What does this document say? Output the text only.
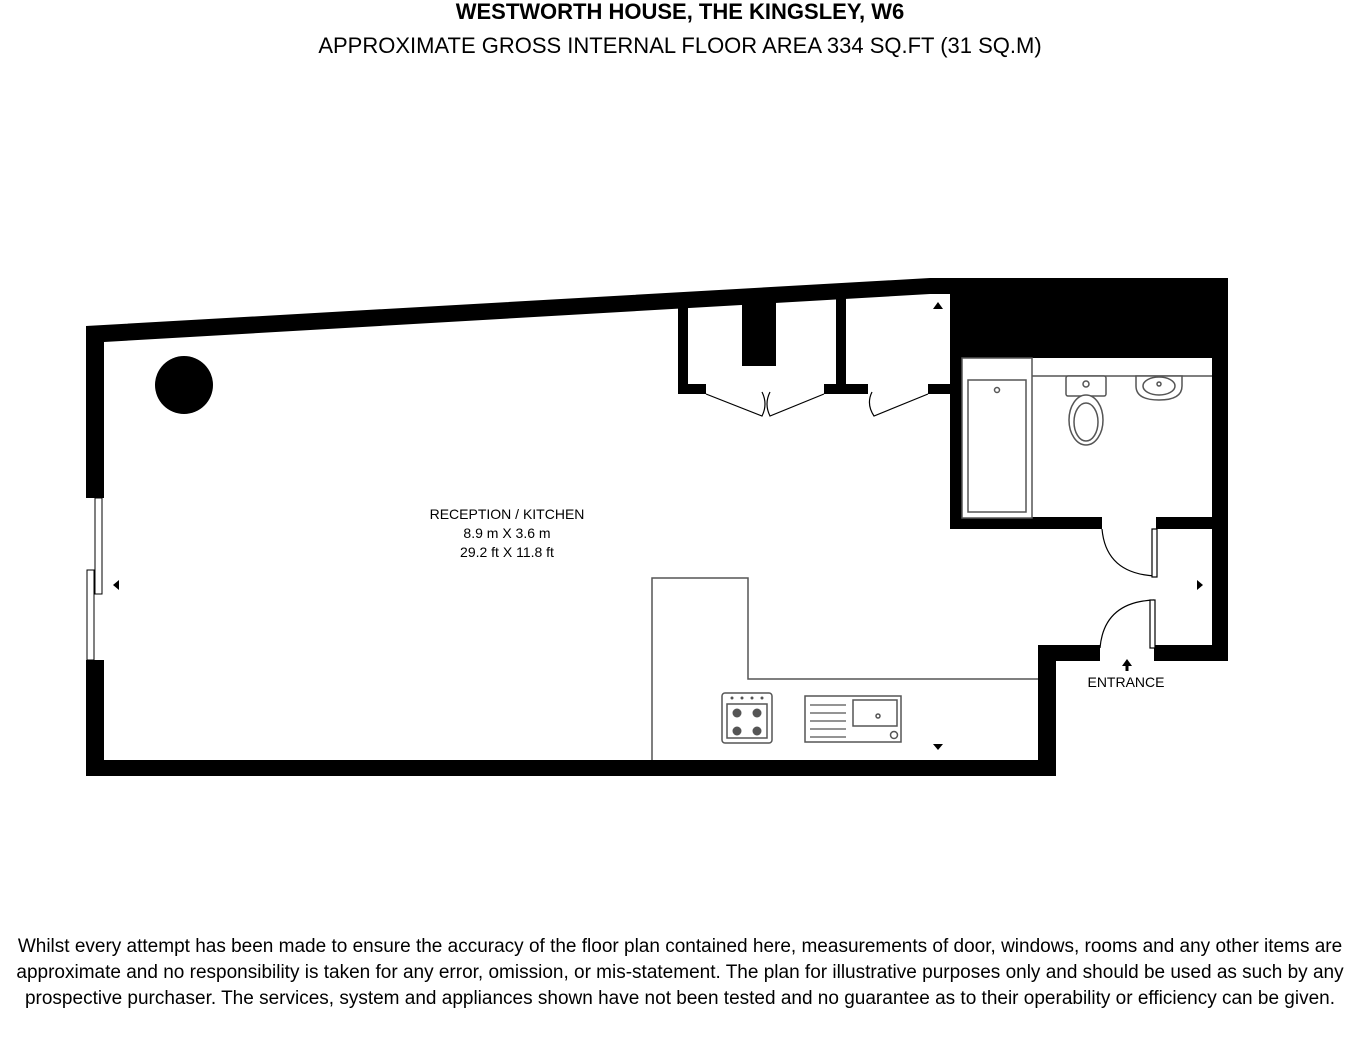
WESTWORTH HOUSE, THE KINGSLEY, W6
APPROXIMATE GROSS INTERNAL FLOOR AREA 334 SQ.FT (31 SQ.M)
RECEPTION / KITCHEN
8.9 m X 3.6 m
29.2 ft X 11.8 ft
ENTRANCE
Whilst every attempt has been made to ensure the accuracy of the floor plan contained here, measurements of door, windows, rooms and any other items are approximate and no responsibility is taken for any error, omission, or mis-statement. The plan for illustrative purposes only and should be used as such by any prospective purchaser. The services, system and appliances shown have not been tested and no guarantee as to their operability or efficiency can be given.
